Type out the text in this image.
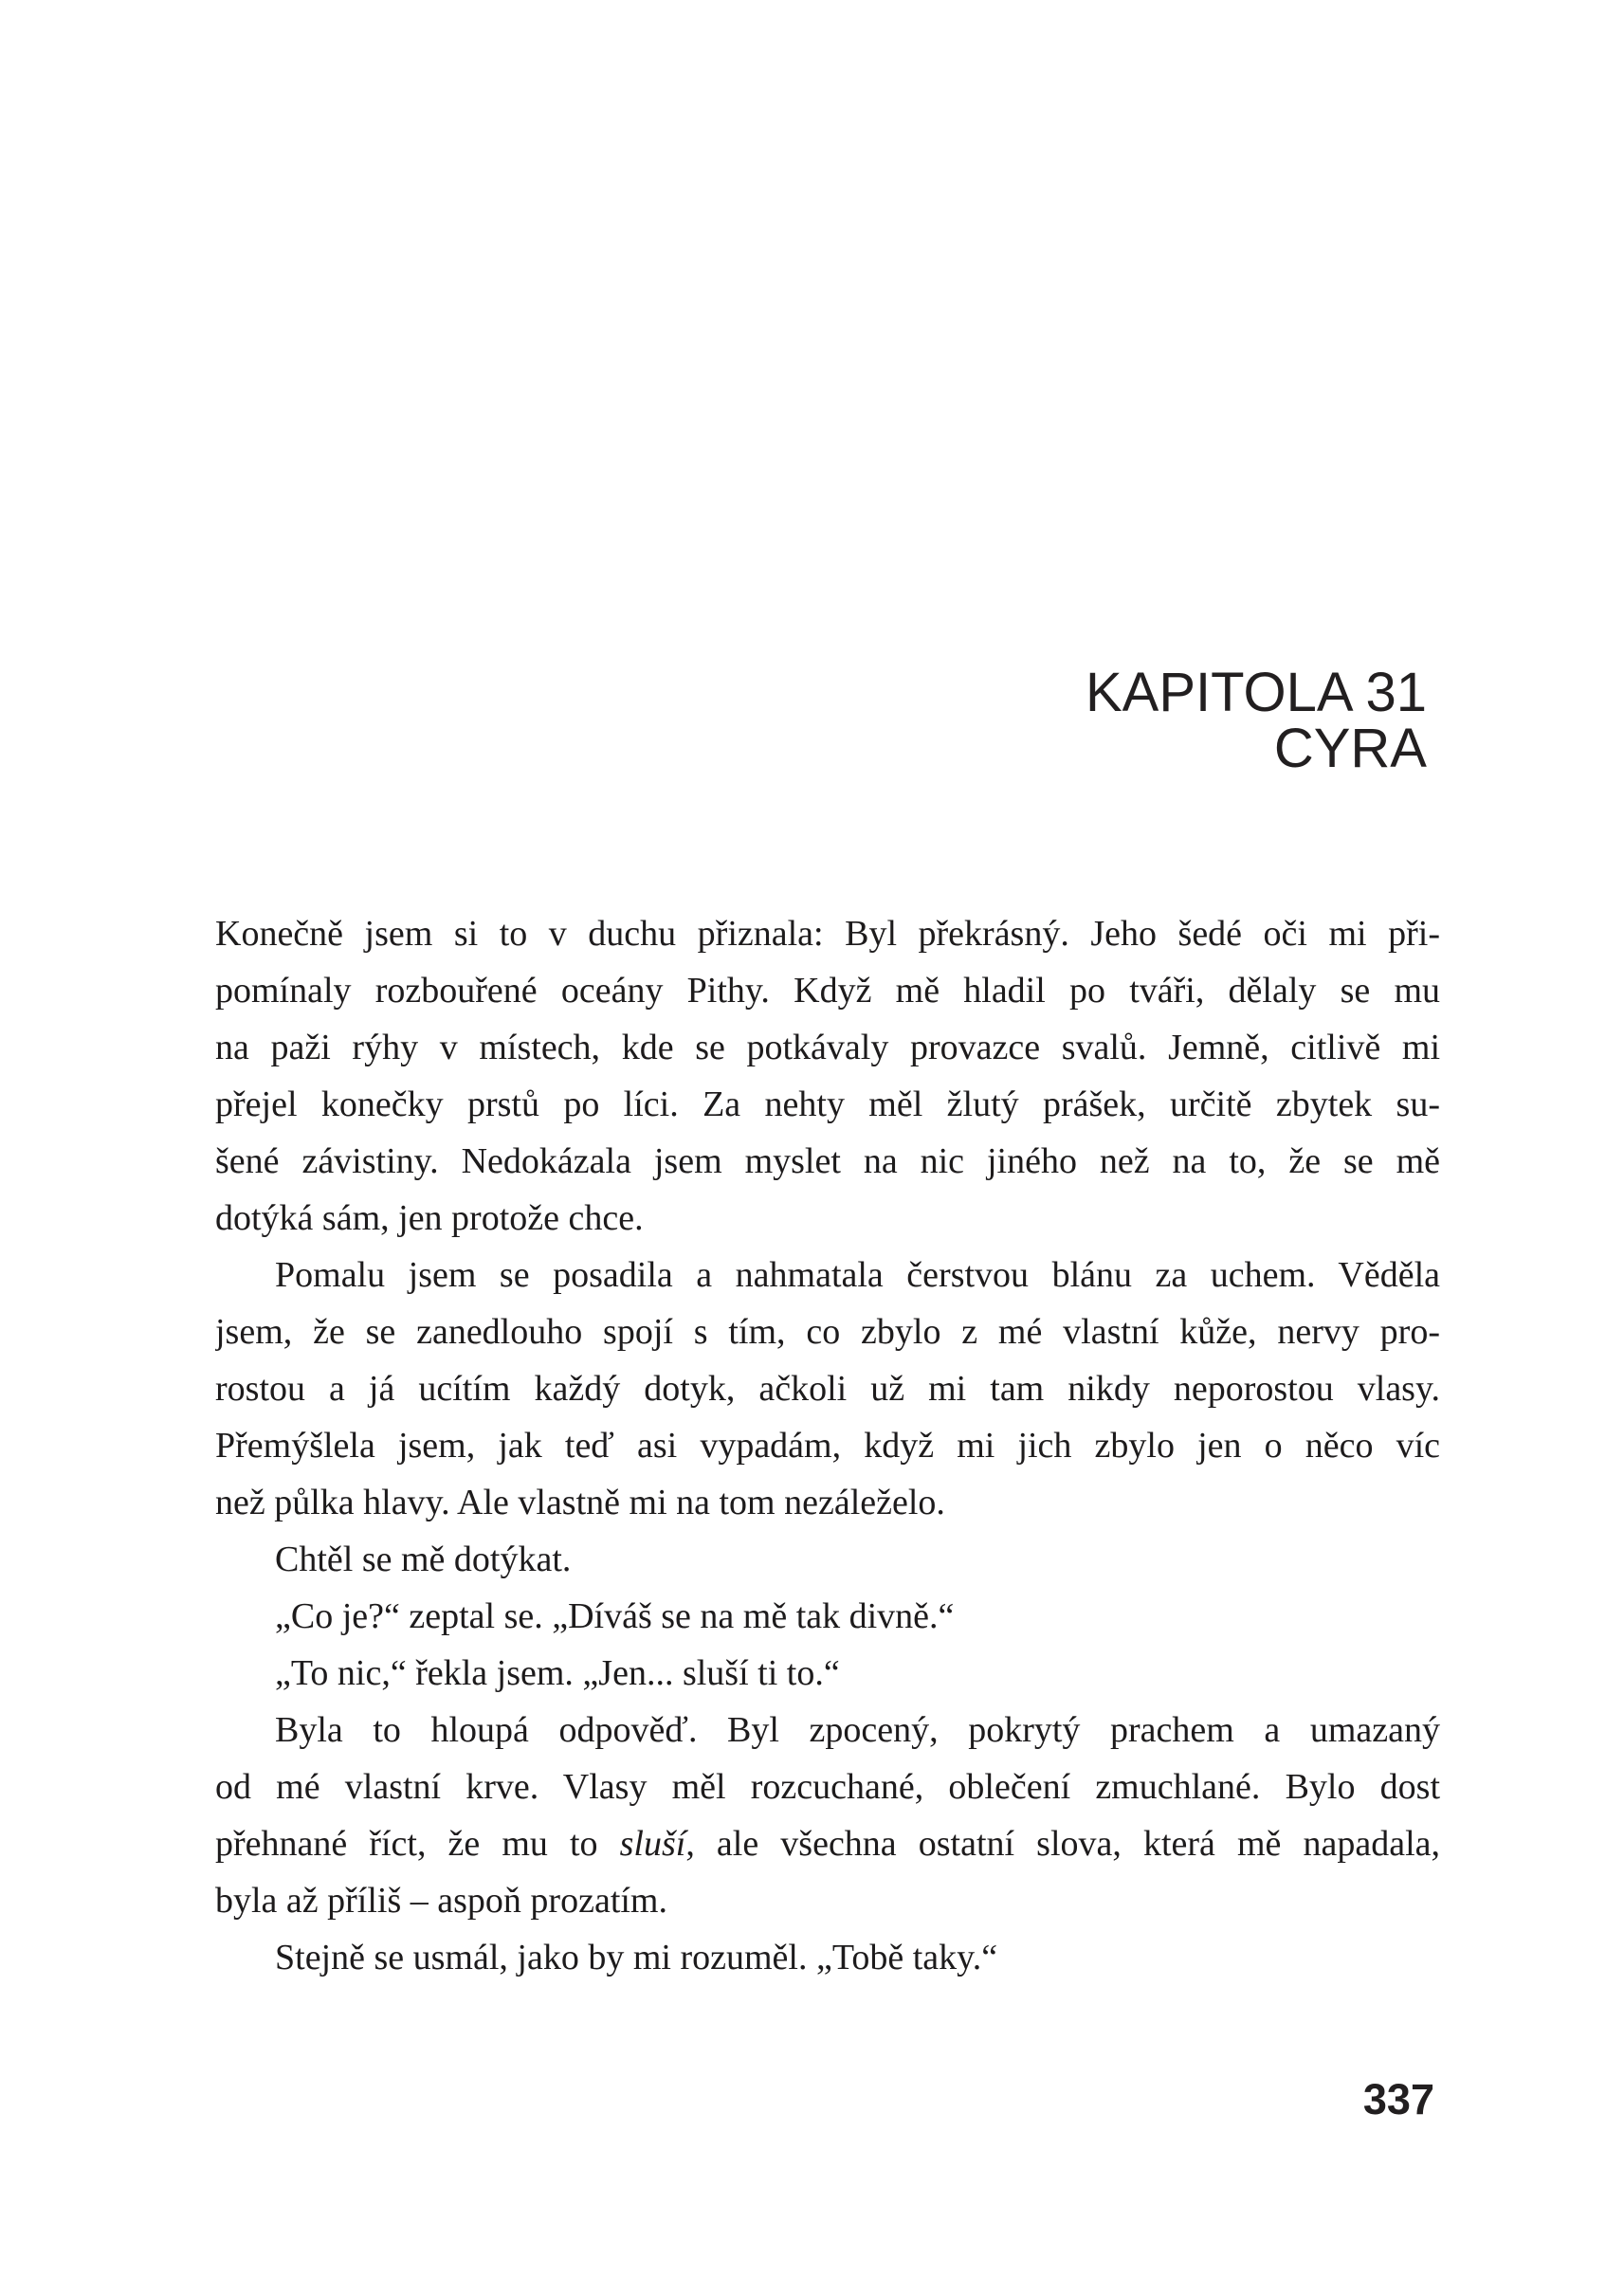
KAPITOLA 31
CYRA
Konečně jsem si to v duchu přiznala: Byl překrásný. Jeho šedé oči mi při-
pomínaly rozbouřené oceány Pithy. Když mě hladil po tváři, dělaly se mu
na paži rýhy v místech, kde se potkávaly provazce svalů. Jemně, citlivě mi
přejel konečky prstů po líci. Za nehty měl žlutý prášek, určitě zbytek su-
šené závistiny. Nedokázala jsem myslet na nic jiného než na to, že se mě
dotýká sám, jen protože chce.
Pomalu jsem se posadila a nahmatala čerstvou blánu za uchem. Věděla
jsem, že se zanedlouho spojí s tím, co zbylo z mé vlastní kůže, nervy pro-
rostou a já ucítím každý dotyk, ačkoli už mi tam nikdy neporostou vlasy.
Přemýšlela jsem, jak teď asi vypadám, když mi jich zbylo jen o něco víc
než půlka hlavy. Ale vlastně mi na tom nezáleželo.
Chtěl se mě dotýkat.
„Co je?“ zeptal se. „Díváš se na mě tak divně.“
„To nic,“ řekla jsem. „Jen... sluší ti to.“
Byla to hloupá odpověď. Byl zpocený, pokrytý prachem a umazaný
od mé vlastní krve. Vlasy měl rozcuchané, oblečení zmuchlané. Bylo dost
přehnané říct, že mu to sluší, ale všechna ostatní slova, která mě napadala,
byla až příliš – aspoň prozatím.
Stejně se usmál, jako by mi rozuměl. „Tobě taky.“
337
